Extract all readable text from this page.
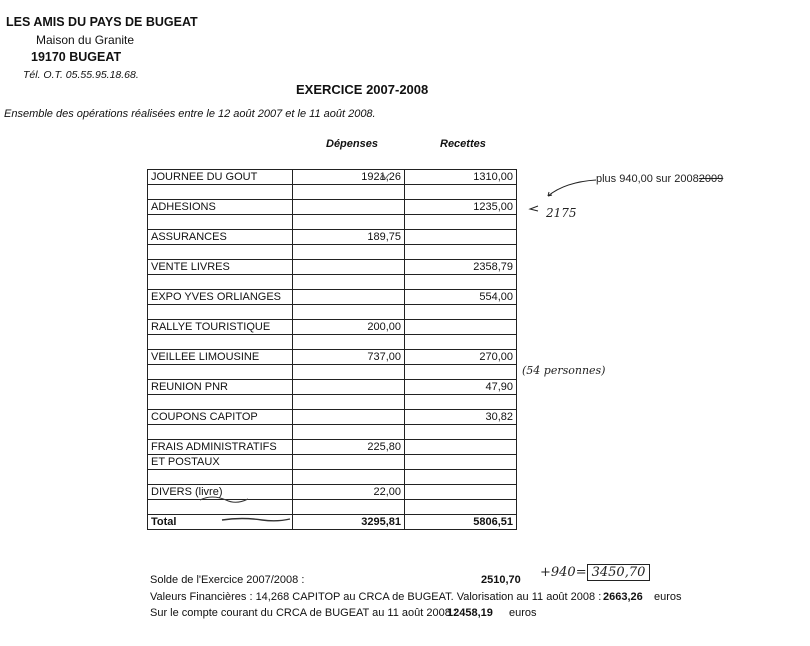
LES AMIS DU PAYS DE BUGEAT
Maison du Granite
19170 BUGEAT
Tél. O.T. 05.55.95.18.68.
EXERCICE 2007-2008
Ensemble des opérations réalisées entre le 12 août 2007 et le 11 août 2008.
Dépenses	Recettes
JOURNEE DU GOUT	1921,26	1310,00

ADHESIONS		1235,00

ASSURANCES	189,75	

VENTE LIVRES		2358,79

EXPO YVES ORLIANGES		554,00

RALLYE TOURISTIQUE	200,00	

VEILLEE LIMOUSINE	737,00	270,00

REUNION PNR		47,90

COUPONS CAPITOP		30,82

FRAIS ADMINISTRATIFS	225,80	
ET POSTAUX		

DIVERS (livre)	22,00	

Total	3295,81	5806,51
plus 940,00 sur 20082009
2175
(54 personnes)
+940= 3450,70
Solde de l'Exercice 2007/2008 :	2510,70
Valeurs Financières : 14,268 CAPITOP au CRCA de BUGEAT. Valorisation au 11 août 2008 : 2663,26 euros
Sur le compte courant du CRCA de BUGEAT au 11 août 2008 :
12458,19 euros
